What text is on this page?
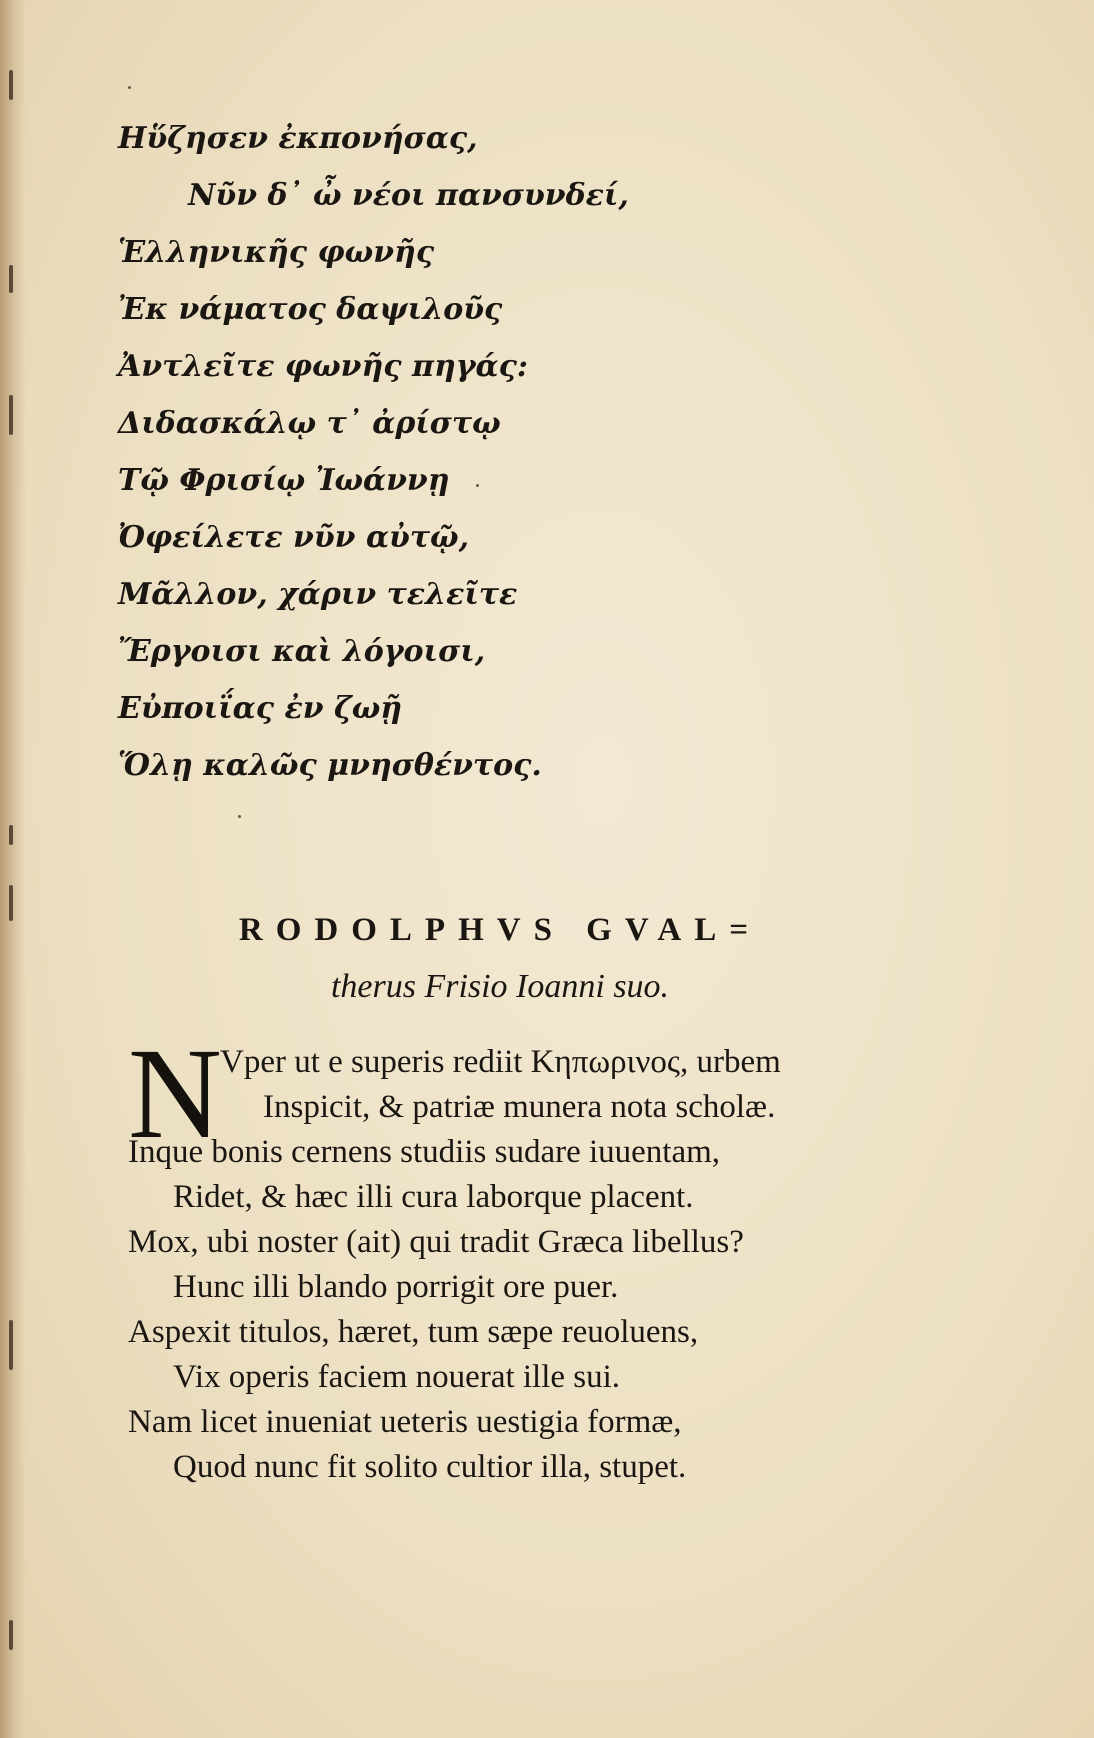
Ηὕζησεν ἐκπονήσας,
Νῦν δ᾽ ὦ νέοι πανσυνδεί,
Ἑλληνικῆς φωνῆς
Ἐκ νάματος δαψιλοῦς
Ἀντλεῖτε φωνῆς πηγάς:
Διδασκάλῳ τ᾽ ἀρίστῳ
Τῷ Φρισίῳ Ἰωάννῃ
Ὀφείλετε νῦν αὐτῷ,
Μᾶλλον, χάριν τελεῖτε
Ἔργοισι καὶ λόγοισι,
Εὐποιΐας ἐν ζωῇ
Ὅλῃ καλῶς μνησθέντος.
RODOLPHVS GVAL=
therus Frisio Ioanni suo.
N
Vper ut e superis rediit Κηπωρινος, urbem
Inspicit, & patriæ munera nota scholæ.
Inque bonis cernens studiis sudare iuuentam,
Ridet, & hæc illi cura laborque placent.
Mox, ubi noster (ait) qui tradit Græca libellus?
Hunc illi blando porrigit ore puer.
Aspexit titulos, hæret, tum sæpe reuoluens,
Vix operis faciem nouerat ille sui.
Nam licet inueniat ueteris uestigia formæ,
Quod nunc fit solito cultior illa, stupet.
